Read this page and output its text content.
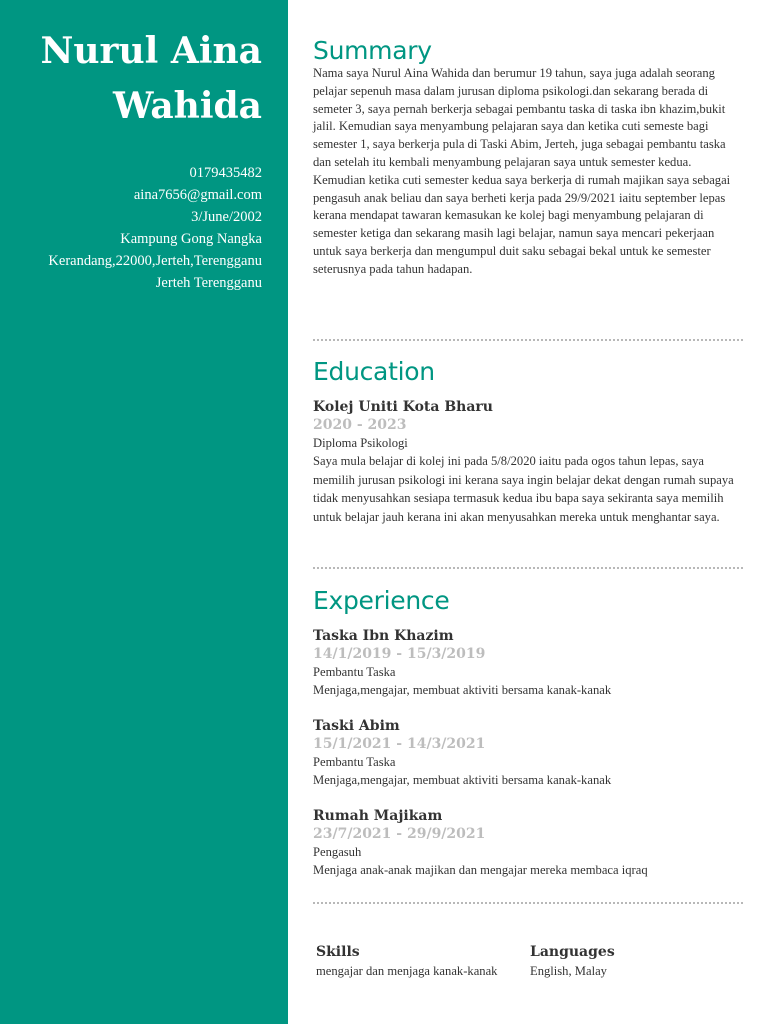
Nurul Aina
Wahida
0179435482
aina7656@gmail.com
3/June/2002
Kampung Gong Nangka
Kerandang,22000,Jerteh,Terengganu
Jerteh Terengganu
Summary

Nama saya Nurul Aina Wahida dan berumur 19 tahun, saya juga adalah seorang pelajar sepenuh masa dalam jurusan diploma psikologi.dan sekarang berada di semeter 3, saya pernah berkerja sebagai pembantu taska di taska ibn khazim,bukit jalil. Kemudian saya menyambung pelajaran saya dan ketika cuti semeste bagi semester 1, saya berkerja pula di Taski Abim, Jerteh, juga sebagai pembantu taska dan setelah itu kembali menyambung pelajaran saya untuk semester kedua. Kemudian ketika cuti semester kedua saya berkerja di rumah majikan saya sebagai pengasuh anak beliau dan saya berheti kerja pada 29/9/2021 iaitu september lepas kerana mendapat tawaran kemasukan ke kolej bagi menyambung pelajaran di semester ketiga dan sekarang masih lagi belajar, namun saya mencari pekerjaan untuk saya berkerja dan mengumpul duit saku sebagai bekal untuk ke semester seterusnya pada tahun hadapan.

Education

Kolej Uniti Kota Bharu

2020 - 2023

Diploma Psikologi

Saya mula belajar di kolej ini pada 5/8/2020 iaitu pada ogos tahun lepas, saya memilih jurusan psikologi ini kerana saya ingin belajar dekat dengan rumah supaya tidak menyusahkan sesiapa termasuk kedua ibu bapa saya sekiranta saya memilih untuk belajar jauh kerana ini akan menyusahkan mereka untuk menghantar saya.

Experience

Taska Ibn Khazim

14/1/2019 - 15/3/2019

Pembantu Taska

Menjaga,mengajar, membuat aktiviti bersama kanak-kanak

Taski Abim

15/1/2021 - 14/3/2021

Pembantu Taska

Menjaga,mengajar, membuat aktiviti bersama kanak-kanak

Rumah Majikam

23/7/2021 - 29/9/2021

Pengasuh

Menjaga anak-anak majikan dan mengajar mereka membaca iqraq

Skills

mengajar dan menjaga kanak-kanak

Languages

English, Malay
